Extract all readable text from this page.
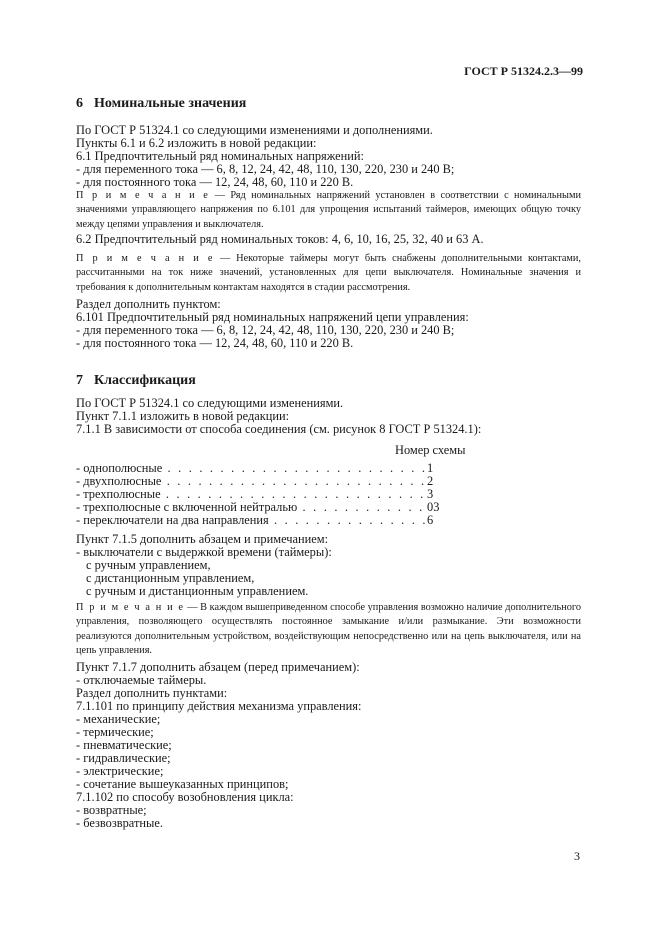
ГОСТ Р 51324.2.3—99
6 Номинальные значения
По ГОСТ Р 51324.1 со следующими изменениями и дополнениями.
Пункты 6.1 и 6.2 изложить в новой редакции:
6.1 Предпочтительный ряд номинальных напряжений:
- для переменного тока — 6, 8, 12, 24, 42, 48, 110, 130, 220, 230 и 240 В;
- для постоянного тока — 12, 24, 48, 60, 110 и 220 В.
П р и м е ч а н и е — Ряд номинальных напряжений установлен в соответствии с номинальными значениями управляющего напряжения по 6.101 для упрощения испытаний таймеров, имеющих общую точку между цепями управления и выключателя.
6.2 Предпочтительный ряд номинальных токов: 4, 6, 10, 16, 25, 32, 40 и 63 А.
П р и м е ч а н и е — Некоторые таймеры могут быть снабжены дополнительными контактами, рассчитанными на ток ниже значений, установленных для цепи выключателя. Номинальные значения и требования к дополнительным контактам находятся в стадии рассмотрения.
Раздел дополнить пунктом:
6.101 Предпочтительный ряд номинальных напряжений цепи управления:
- для переменного тока — 6, 8, 12, 24, 42, 48, 110, 130, 220, 230 и 240 В;
- для постоянного тока — 12, 24, 48, 60, 110 и 220 В.
7 Классификация
По ГОСТ Р 51324.1 со следующими изменениями.
Пункт 7.1.1 изложить в новой редакции:
7.1.1 В зависимости от способа соединения (см. рисунок 8 ГОСТ Р 51324.1):
Номер схемы
- однополюсные . . .	1
- двухполюсные . . .	2
- трехполюсные . . .	3
- трехполюсные с включенной нейтралью . . .	03
- переключатели на два направления . . .	6
Пункт 7.1.5 дополнить абзацем и примечанием:
- выключатели с выдержкой времени (таймеры):
с ручным управлением,
с дистанционным управлением,
с ручным и дистанционным управлением.
П р и м е ч а н и е — В каждом вышеприведенном способе управления возможно наличие дополнительного управления, позволяющего осуществлять постоянное замыкание и/или размыкание. Эти возможности реализуются дополнительным устройством, воздействующим непосредственно или на цепь выключателя, или на цепь управления.
Пункт 7.1.7 дополнить абзацем (перед примечанием):
- отключаемые таймеры.
Раздел дополнить пунктами:
7.1.101 по принципу действия механизма управления:
- механические;
- термические;
- пневматические;
- гидравлические;
- электрические;
- сочетание вышеуказанных принципов;
7.1.102 по способу возобновления цикла:
- возвратные;
- безвозвратные.
3
